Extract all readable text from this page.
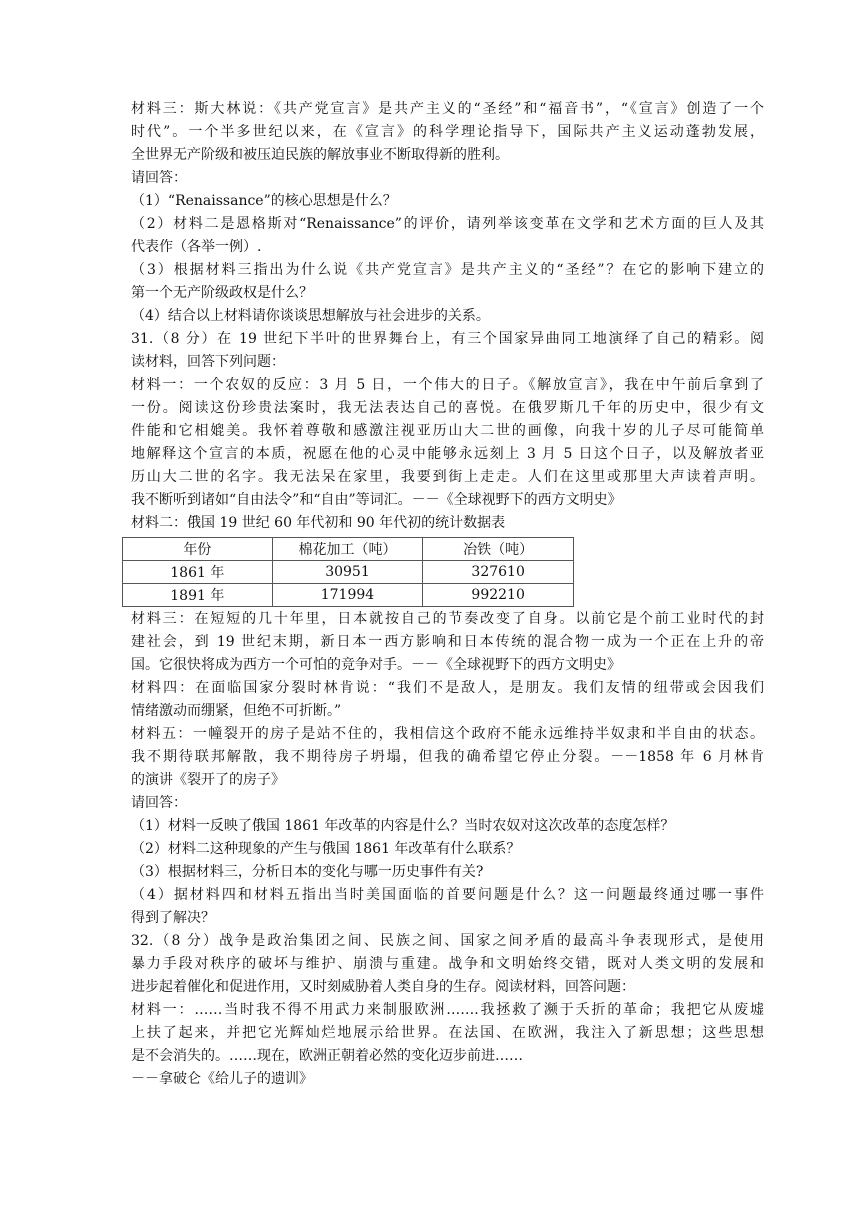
材料三：斯大林说：《共产党宣言》是共产主义的“圣经”和“福音书”，“《宣言》创造了一个
时代”。一个半多世纪以来，在《宣言》的科学理论指导下，国际共产主义运动蓬勃发展，
全世界无产阶级和被压迫民族的解放事业不断取得新的胜利。
请回答：
（1）“Renaissance”的核心思想是什么？
（2）材料二是恩格斯对“Renaissance”的评价，请列举该变革在文学和艺术方面的巨人及其
代表作（各举一例）.
（3）根据材料三指出为什么说《共产党宣言》是共产主义的“圣经”？在它的影响下建立的
第一个无产阶级政权是什么？
（4）结合以上材料请你谈谈思想解放与社会进步的关系。
31.（8 分）在 19 世纪下半叶的世界舞台上，有三个国家异曲同工地演绎了自己的精彩。阅
读材料，回答下列问题：
材料一：一个农奴的反应：3 月 5 日，一个伟大的日子。《解放宣言》，我在中午前后拿到了
一份。阅读这份珍贵法案时，我无法表达自己的喜悦。在俄罗斯几千年的历史中，很少有文
件能和它相媲美。我怀着尊敬和感激注视亚历山大二世的画像，向我十岁的儿子尽可能简单
地解释这个宣言的本质，祝愿在他的心灵中能够永远刻上 3 月 5 日这个日子，以及解放者亚
历山大二世的名字。我无法呆在家里，我要到街上走走。人们在这里或那里大声读着声明。
我不断听到诸如“自由法令”和“自由”等词汇。－－《全球视野下的西方文明史》
材料二：俄国 19 世纪 60 年代初和 90 年代初的统计数据表
年份	棉花加工（吨）	冶铁（吨）
1861 年	30951	327610
1891 年	171994	992210
材料三：在短短的几十年里，日本就按自己的节奏改变了自身。以前它是个前工业时代的封
建社会，到 19 世纪末期，新日本一西方影响和日本传统的混合物一成为一个正在上升的帝
国。它很快将成为西方一个可怕的竞争对手。－－《全球视野下的西方文明史》
材料四：在面临国家分裂时林肯说：“我们不是敌人，是朋友。我们友情的纽带或会因我们
情绪激动而绷紧，但绝不可折断。”
材料五：一幢裂开的房子是站不住的，我相信这个政府不能永远维持半奴隶和半自由的状态。
我不期待联邦解散，我不期待房子坍塌，但我的确希望它停止分裂。－－1858 年 6 月林肯
的演讲《裂开了的房子》
请回答：
（1）材料一反映了俄国 1861 年改革的内容是什么？当时农奴对这次改革的态度怎样？
（2）材料二这种现象的产生与俄国 1861 年改革有什么联系？
（3）根据材料三，分析日本的变化与哪一历史事件有关?
（4）据材料四和材料五指出当时美国面临的首要问题是什么？这一问题最终通过哪一事件
得到了解决？
32.（8 分）战争是政治集团之间、民族之间、国家之间矛盾的最高斗争表现形式，是使用
暴力手段对秩序的破坏与维护、崩溃与重建。战争和文明始终交错，既对人类文明的发展和
进步起着催化和促进作用，又时刻威胁着人类自身的生存。阅读材料，回答问题：
材料一：……当时我不得不用武力来制服欧洲…….我拯救了濒于夭折的革命；我把它从废墟
上扶了起来，并把它光辉灿烂地展示给世界。在法国、在欧洲，我注入了新思想；这些思想
是不会消失的。……现在，欧洲正朝着必然的变化迈步前进……
－－拿破仑《给儿子的遗训》
